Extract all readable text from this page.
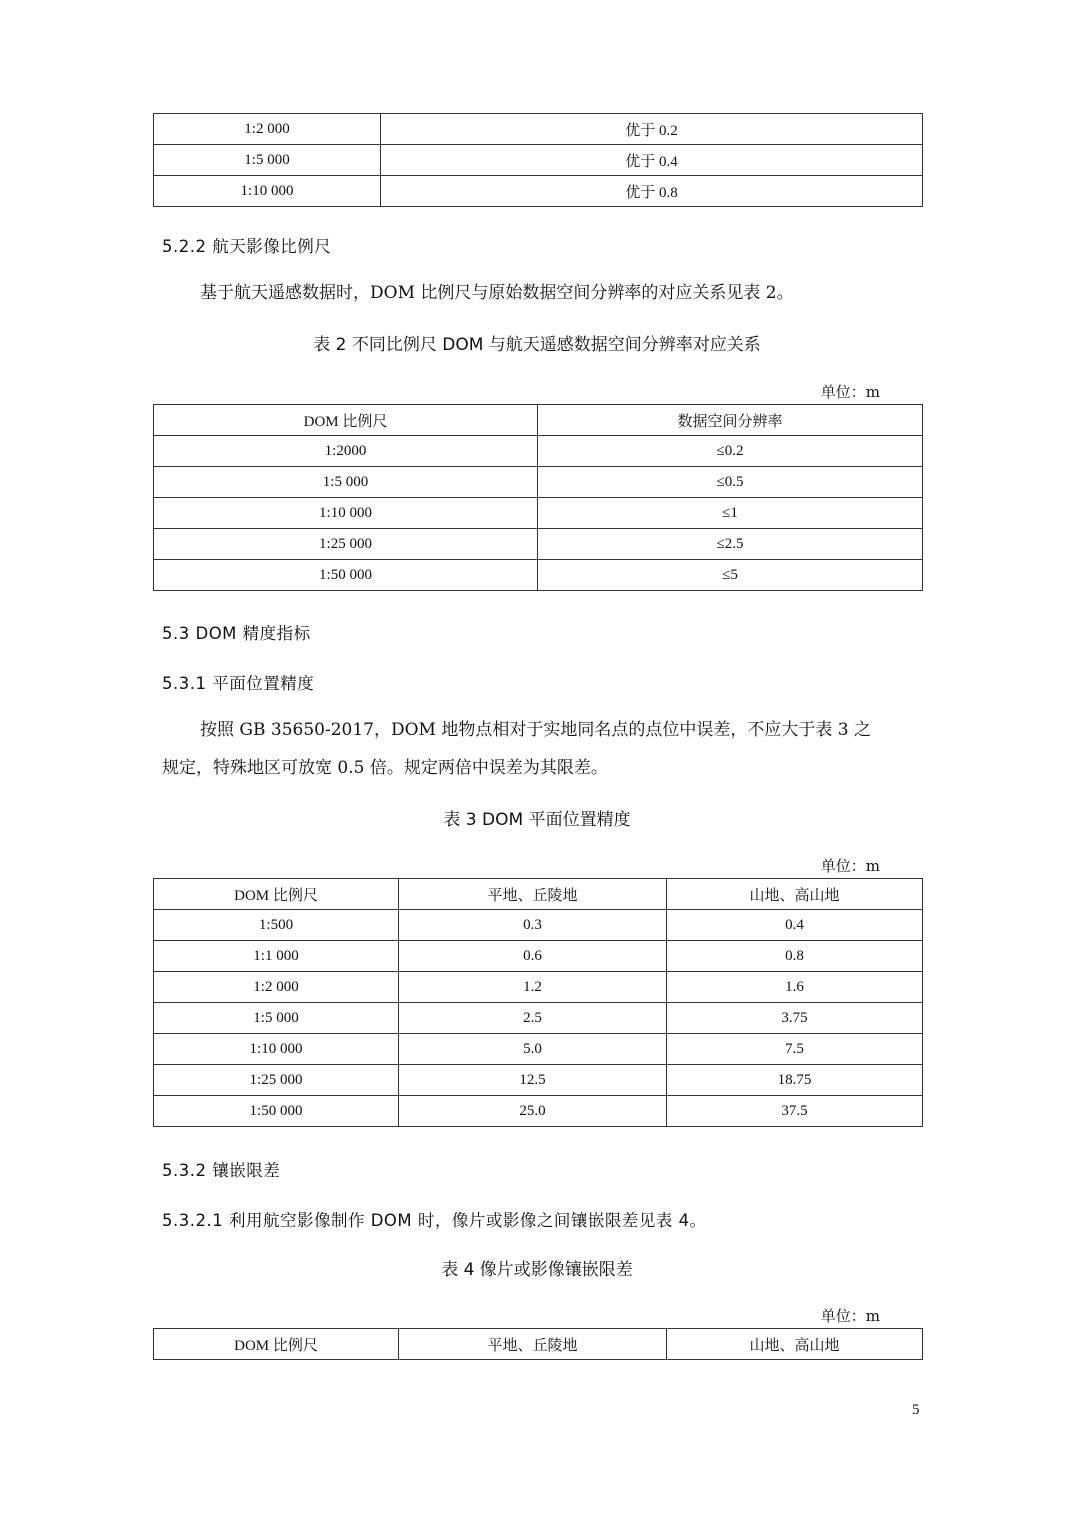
1:2 000	优于 0.2
1:5 000	优于 0.4
1:10 000	优于 0.8
5.2.2 航天影像比例尺
基于航天遥感数据时，DOM 比例尺与原始数据空间分辨率的对应关系见表 2。
表 2 不同比例尺 DOM 与航天遥感数据空间分辨率对应关系
单位：m
DOM 比例尺	数据空间分辨率
1:2000	≤0.2
1:5 000	≤0.5
1:10 000	≤1
1:25 000	≤2.5
1:50 000	≤5
5.3 DOM 精度指标
5.3.1 平面位置精度
按照 GB 35650-2017，DOM 地物点相对于实地同名点的点位中误差，不应大于表 3 之
规定，特殊地区可放宽 0.5 倍。规定两倍中误差为其限差。
表 3 DOM 平面位置精度
单位：m
DOM 比例尺	平地、丘陵地	山地、高山地
1:500	0.3	0.4
1:1 000	0.6	0.8
1:2 000	1.2	1.6
1:5 000	2.5	3.75
1:10 000	5.0	7.5
1:25 000	12.5	18.75
1:50 000	25.0	37.5
5.3.2 镶嵌限差
5.3.2.1 利用航空影像制作 DOM 时，像片或影像之间镶嵌限差见表 4。
表 4 像片或影像镶嵌限差
单位：m
DOM 比例尺	平地、丘陵地	山地、高山地
5
